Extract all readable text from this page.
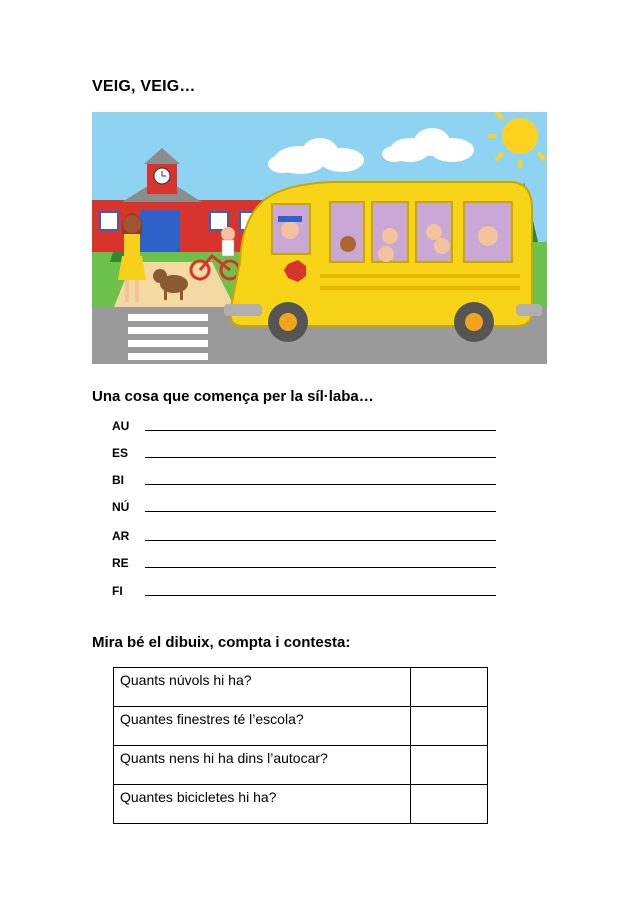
VEIG, VEIG…
Una cosa que comença per la síl·laba…
AU
ES
BI
NÚ
AR
RE
FI
Mira bé el dibuix, compta i contesta:
Quants núvols hi ha?	
Quantes finestres té l’escola?	
Quants nens hi ha dins l’autocar?	
Quantes bicicletes hi ha?	
